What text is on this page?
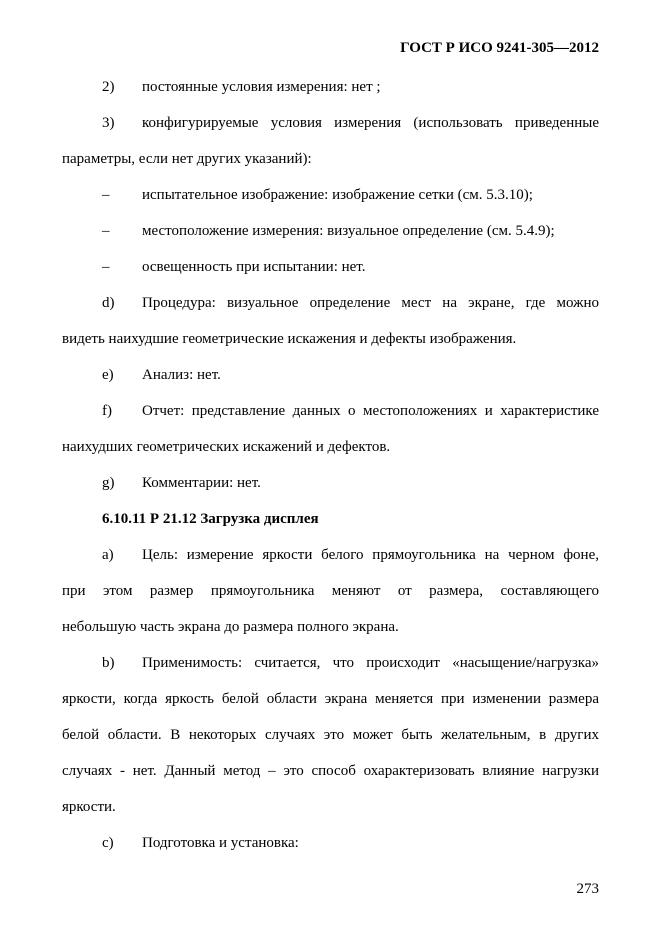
ГОСТ Р ИСО 9241-305—2012
2) постоянные условия измерения: нет ;
3) конфигурируемые условия измерения (использовать приведенные
параметры, если нет других указаний):
– испытательное изображение: изображение сетки (см. 5.3.10);
– местоположение измерения: визуальное определение (см. 5.4.9);
– освещенность при испытании: нет.
d) Процедура: визуальное определение мест на экране, где можно
видеть наихудшие геометрические искажения и дефекты изображения.
e) Анализ: нет.
f) Отчет: представление данных о местоположениях и характеристике
наихудших геометрических искажений и дефектов.
g) Комментарии: нет.
6.10.11 Р 21.12 Загрузка дисплея
a) Цель: измерение яркости белого прямоугольника на черном фоне,
при этом размер прямоугольника меняют от размера, составляющего
небольшую часть экрана до размера полного экрана.
b) Применимость: считается, что происходит «насыщение/нагрузка»
яркости, когда яркость белой области экрана меняется при изменении размера
белой области. В некоторых случаях это может быть желательным, в других
случаях - нет. Данный метод – это способ охарактеризовать влияние нагрузки
яркости.
c) Подготовка и установка:
273
